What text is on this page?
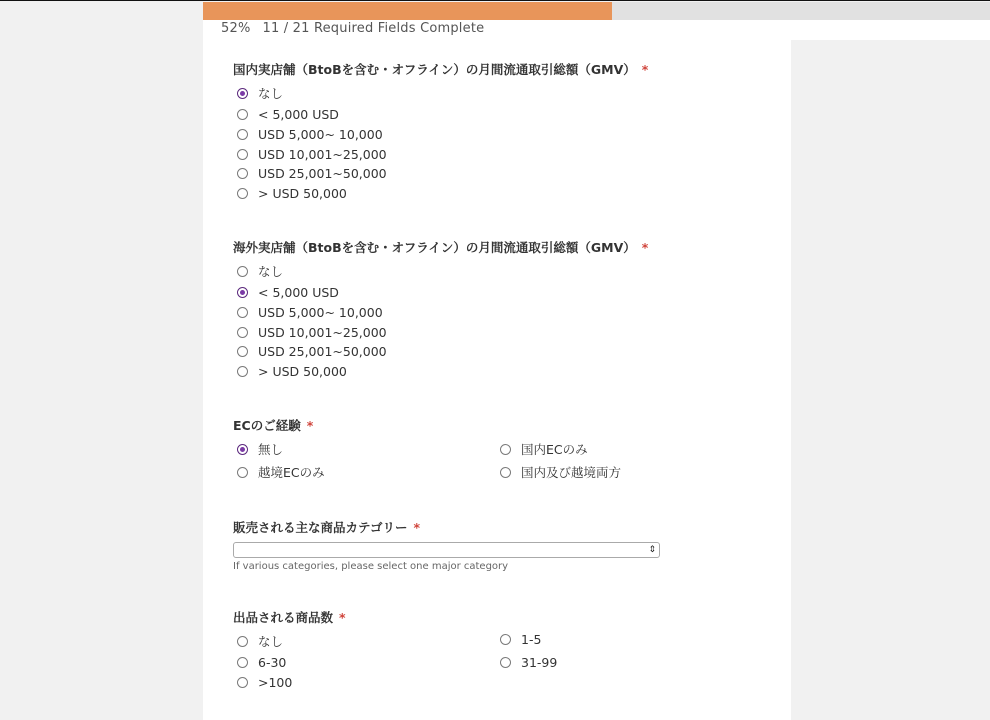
52% 11 / 21 Required Fields Complete
国内実店舗（BtoBを含む・オフライン）の月間流通取引総額（GMV） *
なし
< 5,000 USD
USD 5,000~ 10,000
USD 10,001~25,000
USD 25,001~50,000
> USD 50,000
海外実店舗（BtoBを含む・オフライン）の月間流通取引総額（GMV） *
なし
< 5,000 USD
USD 5,000~ 10,000
USD 10,001~25,000
USD 25,001~50,000
> USD 50,000
ECのご経験 *
無し	国内ECのみ
越境ECのみ	国内及び越境両方
販売される主な商品カテゴリー *
⇕
If various categories, please select one major category
出品される商品数 *
なし	1-5
6-30	31-99
>100
